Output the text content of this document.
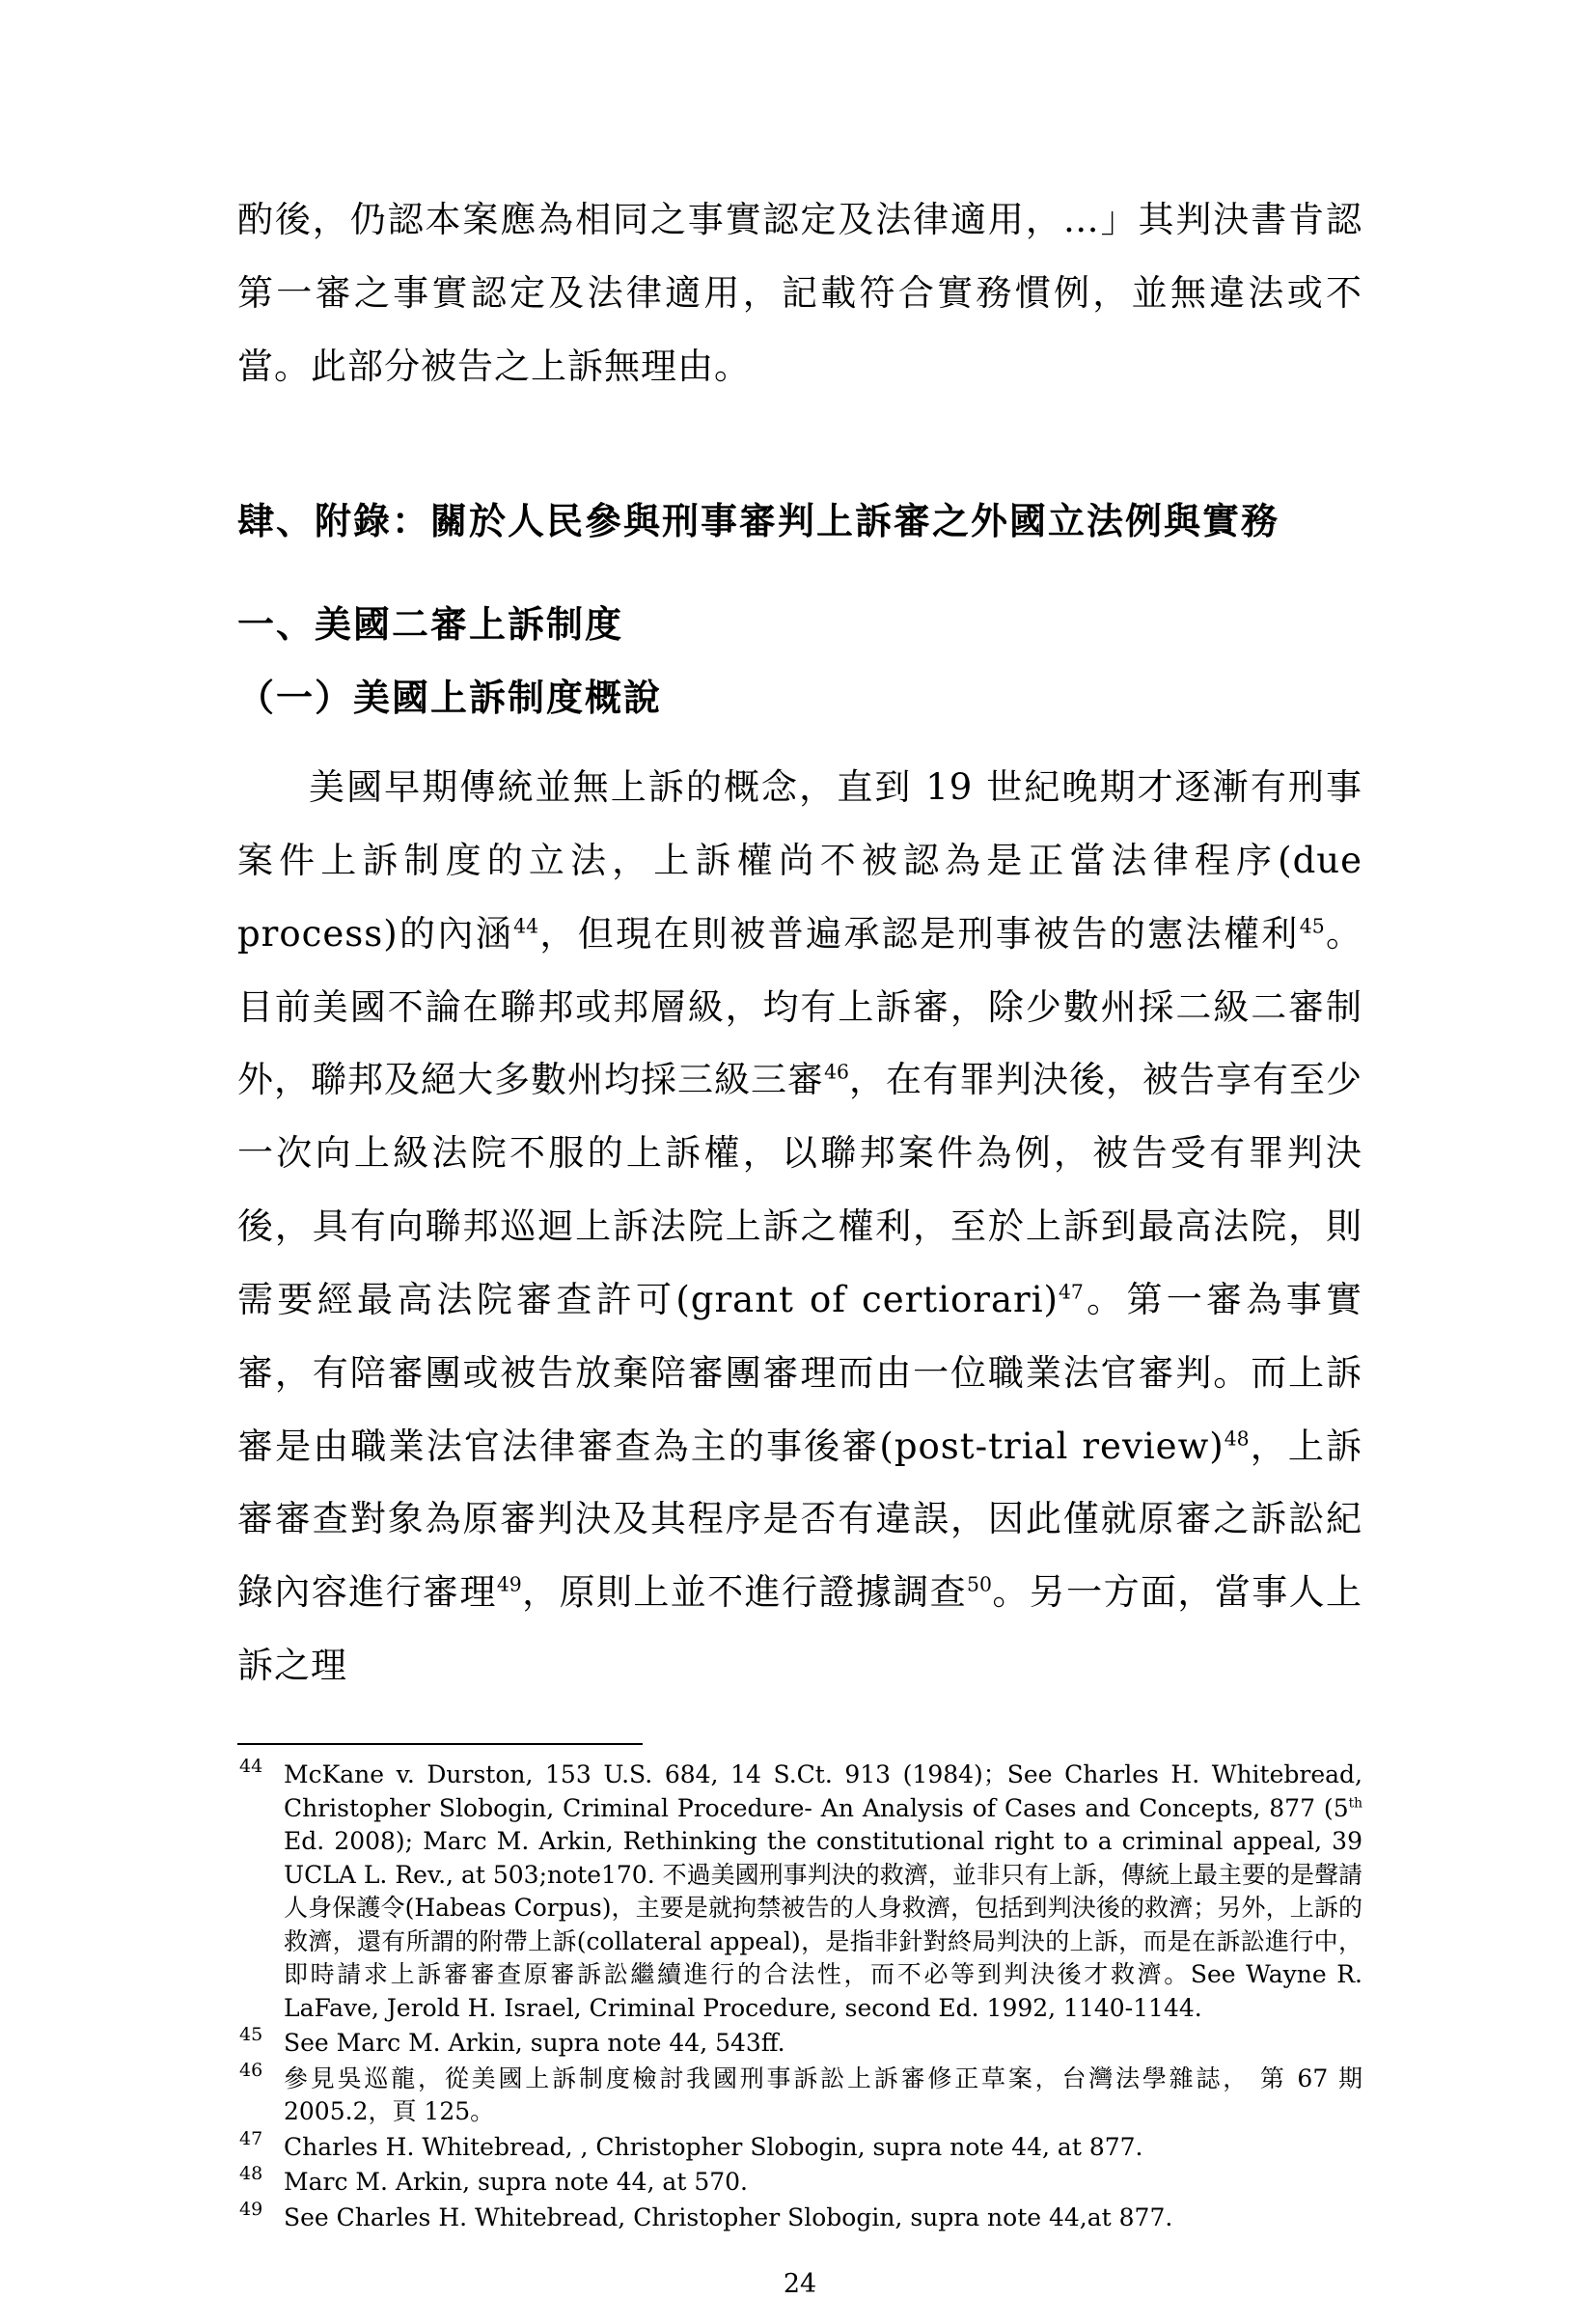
酌後，仍認本案應為相同之事實認定及法律適用，…」其判決書肯認第一審之事實認定及法律適用，記載符合實務慣例，並無違法或不當。此部分被告之上訴無理由。

肆、附錄：關於人民參與刑事審判上訴審之外國立法例與實務
一、美國二審上訴制度
（一）美國上訴制度概說

美國早期傳統並無上訴的概念，直到 19 世紀晚期才逐漸有刑事案件上訴制度的立法，上訴權尚不被認為是正當法律程序(due process)的內涵$^{44}$，但現在則被普遍承認是刑事被告的憲法權利$^{45}$。目前美國不論在聯邦或邦層級，均有上訴審，除少數州採二級二審制外，聯邦及絕大多數州均採三級三審$^{46}$，在有罪判決後，被告享有至少一次向上級法院不服的上訴權，以聯邦案件為例，被告受有罪判決後，具有向聯邦巡迴上訴法院上訴之權利，至於上訴到最高法院，則需要經最高法院審查許可(grant of certiorari)$^{47}$。第一審為事實審，有陪審團或被告放棄陪審團審理而由一位職業法官審判。而上訴審是由職業法官法律審查為主的事後審(post-trial review)$^{48}$，上訴審審查對象為原審判決及其程序是否有違誤，因此僅就原審之訴訟紀錄內容進行審理$^{49}$，原則上並不進行證據調查$^{50}$。另一方面，當事人上訴之理

44 McKane v. Durston, 153 U.S. 684, 14 S.Ct. 913 (1984)；See Charles H. Whitebread, Christopher Slobogin, Criminal Procedure- An Analysis of Cases and Concepts, 877 (5th Ed. 2008); Marc M. Arkin, Rethinking the constitutional right to a criminal appeal, 39 UCLA L. Rev., at 503;note170. 不過美國刑事判決的救濟，並非只有上訴，傳統上最主要的是聲請人身保護令(Habeas Corpus)，主要是就拘禁被告的人身救濟，包括到判決後的救濟；另外，上訴的救濟，還有所謂的附帶上訴(collateral appeal)，是指非針對終局判決的上訴，而是在訴訟進行中，即時請求上訴審審查原審訴訟繼續進行的合法性，而不必等到判決後才救濟。See Wayne R. LaFave, Jerold H. Israel, Criminal Procedure, second Ed. 1992, 1140-1144.
45 See Marc M. Arkin, supra note 44, 543ff.
46 參見吳巡龍，從美國上訴制度檢討我國刑事訴訟上訴審修正草案，台灣法學雜誌， 第 67 期 2005.2，頁 125。
47 Charles H. Whitebread, , Christopher Slobogin, supra note 44, at 877.
48 Marc M. Arkin, supra note 44, at 570.
49 See Charles H. Whitebread, Christopher Slobogin, supra note 44,at 877.
24
